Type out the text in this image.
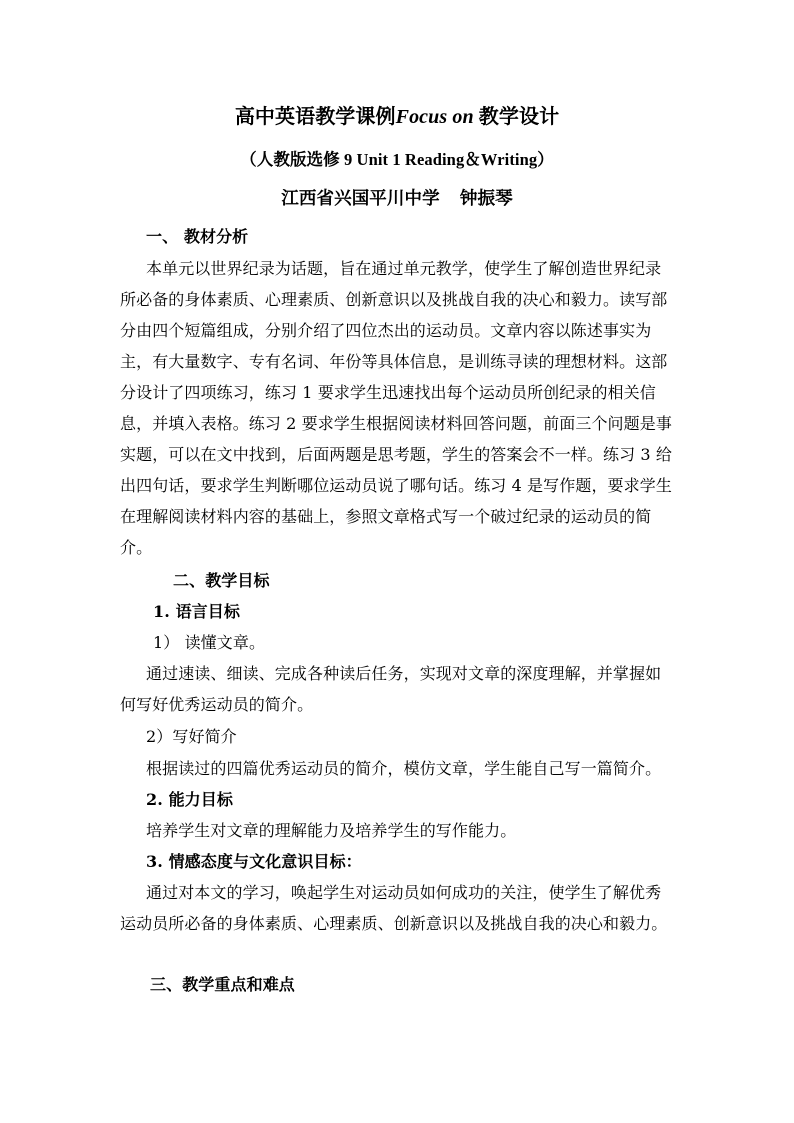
高中英语教学课例Focus on 教学设计
（人教版选修 9 Unit 1 Reading＆Writing）
江西省兴国平川中学 钟振琴
一、 教材分析
本单元以世界纪录为话题，旨在通过单元教学，使学生了解创造世界纪录
所必备的身体素质、心理素质、创新意识以及挑战自我的决心和毅力。读写部
分由四个短篇组成，分别介绍了四位杰出的运动员。文章内容以陈述事实为
主，有大量数字、专有名词、年份等具体信息，是训练寻读的理想材料。这部
分设计了四项练习，练习 1 要求学生迅速找出每个运动员所创纪录的相关信
息，并填入表格。练习 2 要求学生根据阅读材料回答问题，前面三个问题是事
实题，可以在文中找到，后面两题是思考题，学生的答案会不一样。练习 3 给
出四句话，要求学生判断哪位运动员说了哪句话。练习 4 是写作题，要求学生
在理解阅读材料内容的基础上，参照文章格式写一个破过纪录的运动员的简
介。
二、教学目标
1. 语言目标
1） 读懂文章。
通过速读、细读、完成各种读后任务，实现对文章的深度理解，并掌握如
何写好优秀运动员的简介。
2）写好简介
根据读过的四篇优秀运动员的简介，模仿文章，学生能自己写一篇简介。
2. 能力目标
培养学生对文章的理解能力及培养学生的写作能力。
3. 情感态度与文化意识目标：
通过对本文的学习，唤起学生对运动员如何成功的关注，使学生了解优秀
运动员所必备的身体素质、心理素质、创新意识以及挑战自我的决心和毅力。
三、教学重点和难点
